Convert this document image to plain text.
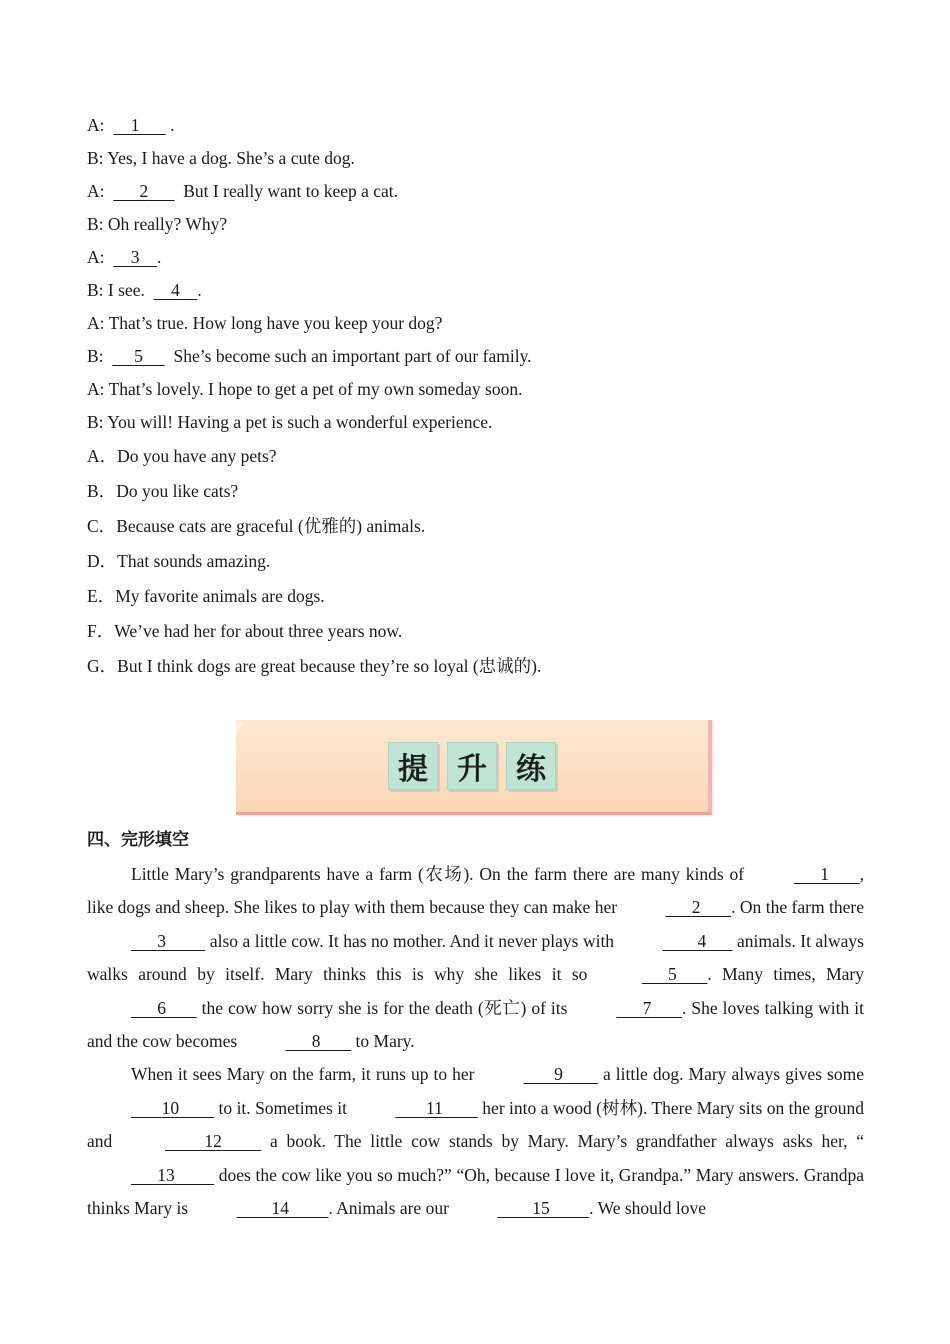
A: 1       .

B: Yes, I have a dog. She’s a cute dog.

A: 2        But I really want to keep a cat.

B: Oh really? Why?

A: 3 .

B: I see. 4 .

A: That’s true. How long have you keep your dog?

B: 5       She’s become such an important part of our family.

A: That’s lovely. I hope to get a pet of my own someday soon.

B: You will! Having a pet is such a wonderful experience.

A．Do you have any pets?

B．Do you like cats?

C．Because cats are graceful (优雅的) animals.

D．That sounds amazing.

E．My favorite animals are dogs.

F．We’ve had her for about three years now.

G．But I think dogs are great because they’re so loyal (忠诚的).

提 升 练

四、完形填空

Little Mary’s grandparents have a farm (农场). On the farm there are many kinds of	1 , like dogs and sheep. She likes to play with them because they can make her	2 . On the farm there       3          also a little cow. It has no mother. And it never plays with	4       animals. It always walks around by itself. Mary thinks this is why she likes it so	5 . Many times, Mary       6        the cow how sorry she is for the death (死亡) of its	7 . She loves talking with it and the cow becomes	8        to Mary.

When it sees Mary on the farm, it runs up to her	9         a little dog. Mary always gives some        10         to it. Sometimes it	11         her into a wood (树林). There Mary sits on the ground and	12          a book. The little cow stands by Mary. Mary’s grandfather always asks her, “      13          does the cow like you so much?” “Oh, because I love it, Grandpa.” Mary answers. Grandpa thinks Mary is	14 . Animals are our	15 . We should love
